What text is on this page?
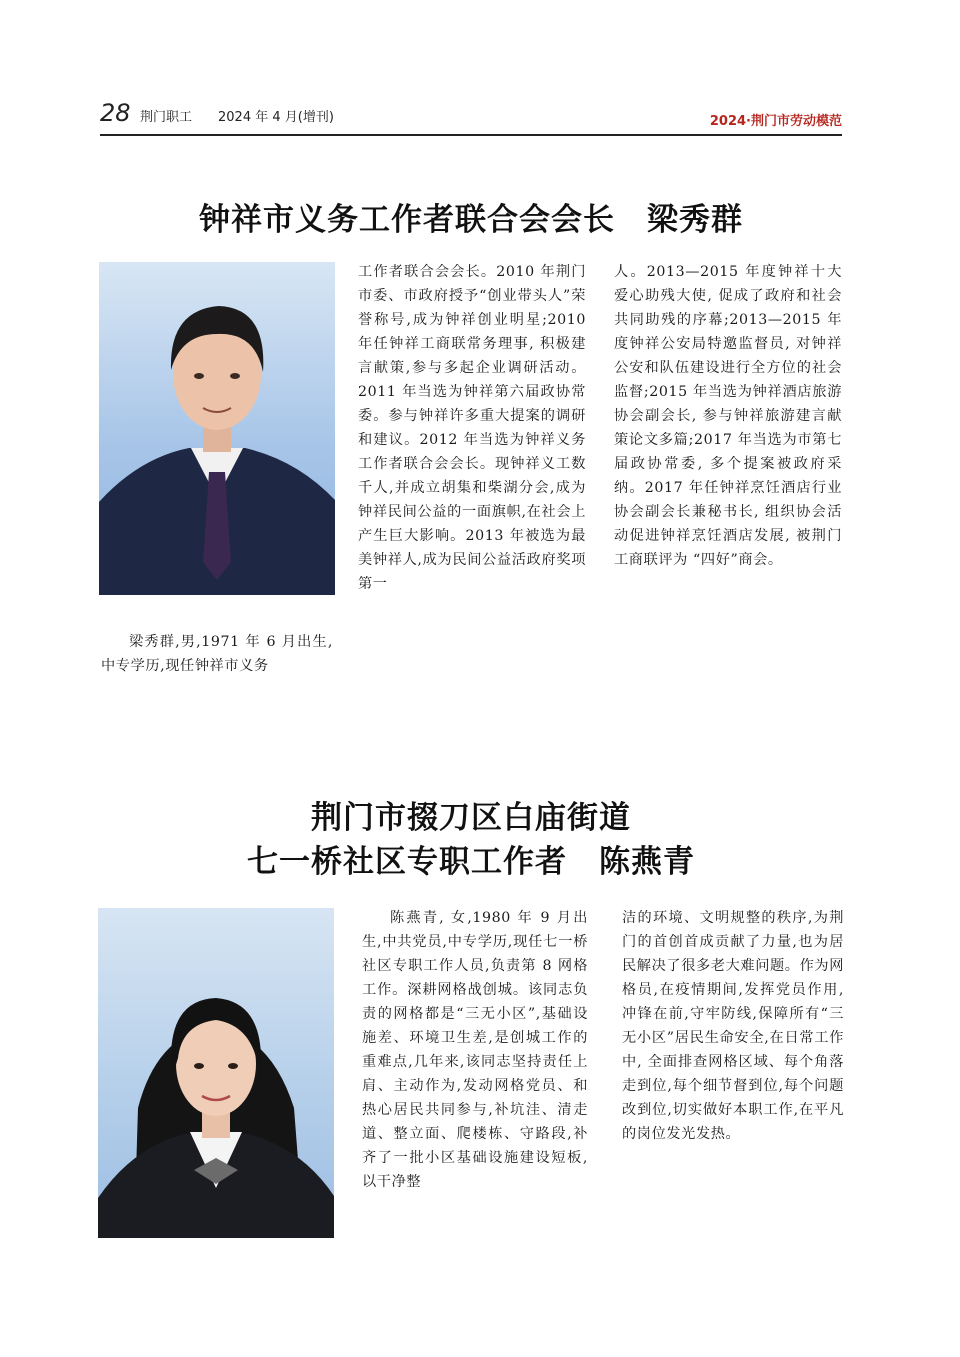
28 荆门职工 2024 年 4 月(增刊)	2024·荆门市劳动模范
钟祥市义务工作者联合会会长　梁秀群
梁秀群,男,1971 年 6 月出生,中专学历,现任钟祥市义务
工作者联合会会长。2010 年荆门市委、市政府授予“创业带头人”荣誉称号,成为钟祥创业明星;2010 年任钟祥工商联常务理事, 积极建言献策,参与多起企业调研活动。2011 年当选为钟祥第六届政协常委。参与钟祥许多重大提案的调研和建议。2012 年当选为钟祥义务工作者联合会会长。现钟祥义工数千人,并成立胡集和柴湖分会,成为钟祥民间公益的一面旗帜,在社会上产生巨大影响。2013 年被选为最美钟祥人,成为民间公益活政府奖项第一
人。2013—2015 年度钟祥十大爱心助残大使, 促成了政府和社会共同助残的序幕;2013—2015 年度钟祥公安局特邀监督员, 对钟祥公安和队伍建设进行全方位的社会监督;2015 年当选为钟祥酒店旅游协会副会长, 参与钟祥旅游建言献策论文多篇;2017 年当选为市第七届政协常委, 多个提案被政府采纳。2017 年任钟祥烹饪酒店行业协会副会长兼秘书长, 组织协会活动促进钟祥烹饪酒店发展, 被荆门工商联评为 “四好”商会。
荆门市掇刀区白庙街道
七一桥社区专职工作者　陈燕青
陈燕青, 女,1980 年 9 月出生,中共党员,中专学历,现任七一桥社区专职工作人员,负责第 8 网格工作。深耕网格战创城。该同志负责的网格都是“三无小区”,基础设施差、环境卫生差,是创城工作的重难点,几年来,该同志坚持责任上肩、主动作为,发动网格党员、和热心居民共同参与,补坑洼、清走道、整立面、爬楼栋、守路段,补齐了一批小区基础设施建设短板,以干净整
洁的环境、文明规整的秩序,为荆门的首创首成贡献了力量,也为居民解决了很多老大难问题。作为网格员,在疫情期间,发挥党员作用,冲锋在前,守牢防线,保障所有“三无小区”居民生命安全,在日常工作中, 全面排查网格区域、每个角落走到位,每个细节督到位,每个问题改到位,切实做好本职工作,在平凡的岗位发光发热。
